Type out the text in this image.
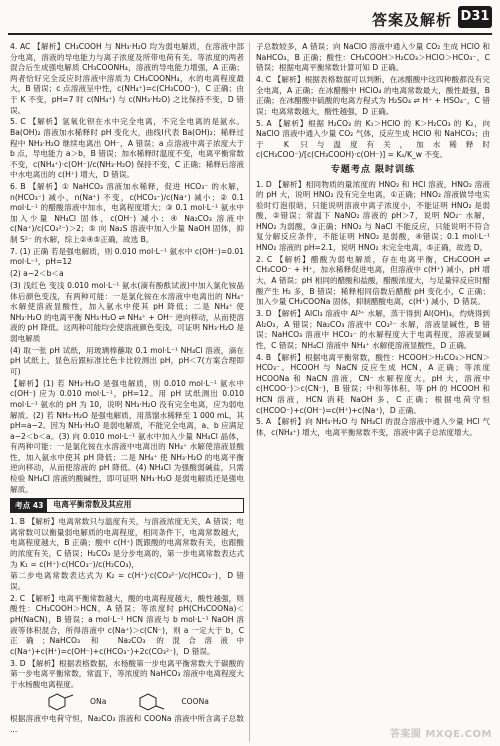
答案及解析 D31

4. AC 【解析】CH₃COOH 与 NH₃·H₂O 均为弱电解质，在溶液中部分电离，溶液的导电能力与离子浓度及所带电荷有关。等浓度的两者混合后生成强电解质 CH₃COONH₄，溶液的导电能力增强，A 正确；两者恰好完全反应时溶液中溶质为 CH₃COONH₄，水的电离程度最大，B 错误；c 点溶液呈中性，c(NH₄⁺)=c(CH₃COO⁻)，C 正确；由于 K 不变，pH=7 时 c(NH₄⁺) 与 c(NH₃·H₂O) 之比保持不变，D 错误。

5. C 【解析】氢氧化钡在水中完全电离，不完全电离的是氨水。Ba(OH)₂ 溶液加水稀释时 pH 变化大，曲线Ⅰ代表 Ba(OH)₂；稀释过程中 NH₃·H₂O 继续电离出 OH⁻，A 错误；a 点溶液中离子浓度大于 b 点，导电能力 a＞b，B 错误；加水稀释时温度不变，电离平衡常数不变，c(NH₄⁺)·c(OH⁻)/c(NH₃·H₂O) 保持不变，C 正确；稀释后溶液中水电离出的 c(H⁺) 增大，D 错误。

6. B 【解析】① NaHCO₃ 溶液加水稀释，促进 HCO₃⁻ 的水解，n(HCO₃⁻) 减小，n(Na⁺) 不变，c(HCO₃⁻)/c(Na⁺) 减小；② 0.1 mol·L⁻¹ 的醋酸溶液中加水，电离程度增大；③ 0.1 mol·L⁻¹ 氨水中加入少量 NH₄Cl 固体，c(OH⁻) 减小；④ Na₂CO₃ 溶液中 c(Na⁺)/c(CO₃²⁻)＞2；⑤ 向 Na₂S 溶液中加入少量 NaOH 固体，抑制 S²⁻ 的水解，综上②④⑤正确，故选 B。

7. (1) 正确 若是强电解质，则 0.010 mol·L⁻¹ 氨水中 c(OH⁻)=0.01 mol·L⁻¹，pH=12

(2) a−2＜b＜a

(3) 浅红色 变浅 0.010 mol·L⁻¹ 氨水(滴有酚酞试液)中加入氯化铵晶体后颜色变浅，有两种可能：一是氯化铵在水溶液中电离出的 NH₄⁺ 水解使溶液显酸性，加入氨水中使其 pH 降低；二是 NH₄⁺ 使 NH₃·H₂O 的电离平衡 NH₃·H₂O ⇌ NH₄⁺ + OH⁻ 逆向移动，从而使溶液的 pH 降低。这两种可能均会使溶液颜色变浅，可证明 NH₃·H₂O 是弱电解质

(4) 取一张 pH 试纸，用玻璃棒蘸取 0.1 mol·L⁻¹ NH₄Cl 溶液，滴在 pH 试纸上，显色后跟标准比色卡比较测出 pH，pH＜7(方案合理即可)

【解析】(1) 若 NH₃·H₂O 是强电解质，则 0.010 mol·L⁻¹ 氨水中 c(OH⁻) 应为 0.010 mol·L⁻¹，pH=12。用 pH 试纸测出 0.010 mol·L⁻¹ 氨水的 pH 为 10，说明 NH₃·H₂O 没有完全电离，应为弱电解质。(2) 若 NH₃·H₂O 是强电解质，用蒸馏水稀释至 1 000 mL，其 pH=a−2。因为 NH₃·H₂O 是弱电解质，不能完全电离，a、b 应满足 a−2＜b＜a。(3) 向 0.010 mol·L⁻¹ 氨水中加入少量 NH₄Cl 晶体，有两种可能：一是氯化铵在水溶液中电离出的 NH₄⁺ 水解使溶液显酸性，加入氨水中使其 pH 降低；二是 NH₄⁺ 使 NH₃·H₂O 的电离平衡逆向移动，从而使溶液的 pH 降低。(4) NH₄Cl 为强酸弱碱盐，只需检验 NH₄Cl 溶液的酸碱性，即可证明 NH₃·H₂O 是弱电解质还是强电解质。

考点 43	电离平衡常数及其应用

1. B 【解析】电离常数只与温度有关，与溶液浓度无关，A 错误；电离常数可以衡量弱电解质的电离程度，相同条件下，电离常数越大，电离程度越大，B 正确；酸中 c(H⁺) 既跟酸的电离常数有关，也跟酸的浓度有关，C 错误；H₂CO₃ 是分步电离的，第一步电离常数表达式为 K₁ = c(H⁺)·c(HCO₃⁻)/c(H₂CO₃)，

第二步电离常数表达式为 K₂ = c(H⁺)·c(CO₃²⁻)/c(HCO₃⁻)，D 错误。

2. C 【解析】电离平衡常数越大，酸的电离程度越大，酸性越强，则酸性：CH₃COOH＞HCN，A 错误；等浓度时 pH(CH₃COONa)＜pH(NaCN)，B 错误；a mol·L⁻¹ HCN 溶液与 b mol·L⁻¹ NaOH 溶液等体积混合，所得溶液中 c(Na⁺)＞c(CN⁻)，则 a 一定大于 b，C 正确；NaHCO₃ 和 Na₂CO₃ 的混合溶液中 c(Na⁺)+c(H⁺)=c(OH⁻)+c(HCO₃⁻)+2c(CO₃²⁻)，D 错误。

3. D 【解析】根据表格数据，水杨酸第一步电离平衡常数大于碳酸的第一步电离平衡常数，常温下，等浓度的 NaHCO₃ 溶液中电离程度大于水杨酸电离程度。

ONa	COONa

根据溶液中电荷守恒，Na₂CO₃ 溶液和 COONa 溶液中所含离子总数 ...

子总数较多，A 错误；向 NaClO 溶液中通入少量 CO₂ 生成 HClO 和 NaHCO₃，B 正确；酸性：CH₃COOH＞H₂CO₃＞HClO＞HCO₃⁻，C 错误；根据电离平衡常数计算可知 D 正确。

4. C 【解析】根据表格数据可以判断，在冰醋酸中这四种酸都没有完全电离，A 正确；在冰醋酸中 HClO₄ 的电离常数最大，酸性最强，B 正确；在冰醋酸中硫酸的电离方程式为 H₂SO₄ ⇌ H⁺ + HSO₄⁻，C 错误；电离常数越大，酸性越强，D 正确。

5. A 【解析】根据 H₂CO₃ 的 K₁＞HClO 的 K＞H₂CO₃ 的 K₂，向 NaClO 溶液中通入少量 CO₂ 气体，反应生成 HClO 和 NaHCO₃；由于 K 只与温度有关，加水稀释时 c(CH₃COO⁻)/[c(CH₃COOH)·c(OH⁻)] = Kₐ/K_w 不变。

专题考点 限时训练

1. D 【解析】相同物质的量浓度的 HNO₂ 和 HCl 溶液，HNO₂ 溶液的 pH 大，说明 HNO₂ 没有完全电离，①正确；HNO₂ 溶液做导电实验时灯泡很暗，只能说明溶液中离子浓度小，不能证明 HNO₂ 是弱酸，②错误；常温下 NaNO₂ 溶液的 pH＞7，说明 NO₂⁻ 水解，HNO₂ 为弱酸，③正确；HNO₂ 与 NaCl 不能反应，只能说明不符合复分解反应条件，不能证明 HNO₂ 是弱酸，④错误；0.1 mol·L⁻¹ HNO₂ 溶液的 pH=2.1，说明 HNO₂ 未完全电离，⑤正确，故选 D。

2. C 【解析】醋酸为弱电解质，存在电离平衡，CH₃COOH ⇌ CH₃COO⁻ + H⁺，加水稀释促进电离，但溶液中 c(H⁺) 减小，pH 增大，A 错误；pH 相同的醋酸和盐酸，醋酸浓度大，与足量锌反应时醋酸产生 H₂ 多，B 错误；稀释相同倍数后醋酸 pH 变化小，C 正确；加入少量 CH₃COONa 固体，抑制醋酸电离，c(H⁺) 减小，D 错误。

3. D 【解析】AlCl₃ 溶液中 Al³⁺ 水解，蒸干得到 Al(OH)₃，灼烧得到 Al₂O₃，A 错误；Na₂CO₃ 溶液中 CO₃²⁻ 水解，溶液显碱性，B 错误；NaHCO₃ 溶液中 HCO₃⁻ 的水解程度大于电离程度，溶液显碱性，C 错误；NH₄Cl 溶液中 NH₄⁺ 水解使溶液显酸性，D 正确。

4. B 【解析】根据电离平衡常数，酸性：HCOOH＞H₂CO₃＞HCN＞HCO₃⁻。HCOOH 与 NaCN 反应生成 HCN，A 正确；等浓度 HCOONa 和 NaCN 溶液，CN⁻ 水解程度大，pH 大，溶液中 c(HCOO⁻)＞c(CN⁻)，B 错误；中和等体积、等 pH 的 HCOOH 和 HCN 溶液，HCN 消耗 NaOH 多，C 正确；根据电荷守恒 c(HCOO⁻)+c(OH⁻)=c(H⁺)+c(Na⁺)，D 正确。

5. A 【解析】向 NH₃·H₂O 与 NH₄Cl 的混合溶液中通入少量 HCl 气体，c(NH₄⁺) 增大，电离平衡常数不变，溶液中离子总浓度增大。

答案圈 MXQE.COM
